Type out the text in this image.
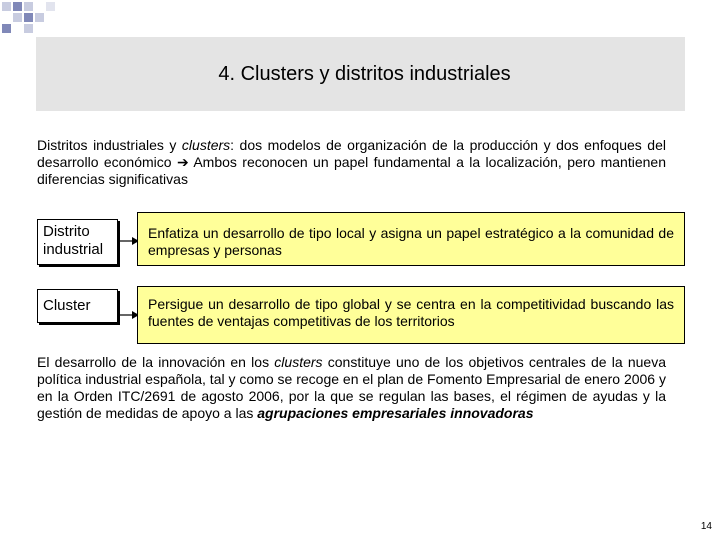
4. Clusters y distritos industriales
Distritos industriales y clusters: dos modelos de organización de la producción y dos enfoques del desarrollo económico ➔ Ambos reconocen un papel fundamental a la localización, pero mantienen diferencias significativas
Distrito industrial
Enfatiza un desarrollo de tipo local y asigna un papel estratégico a la comunidad de empresas y personas
Cluster	Persigue un desarrollo de tipo global y se centra en la competitividad buscando las fuentes de ventajas competitivas de los territorios
El desarrollo de la innovación en los clusters constituye uno de los objetivos centrales de la nueva política industrial española, tal y como se recoge en el plan de Fomento Empresarial de enero 2006 y en la Orden ITC/2691 de agosto 2006, por la que se regulan las bases, el régimen de ayudas y la gestión de medidas de apoyo a las agrupaciones empresariales innovadoras
14
